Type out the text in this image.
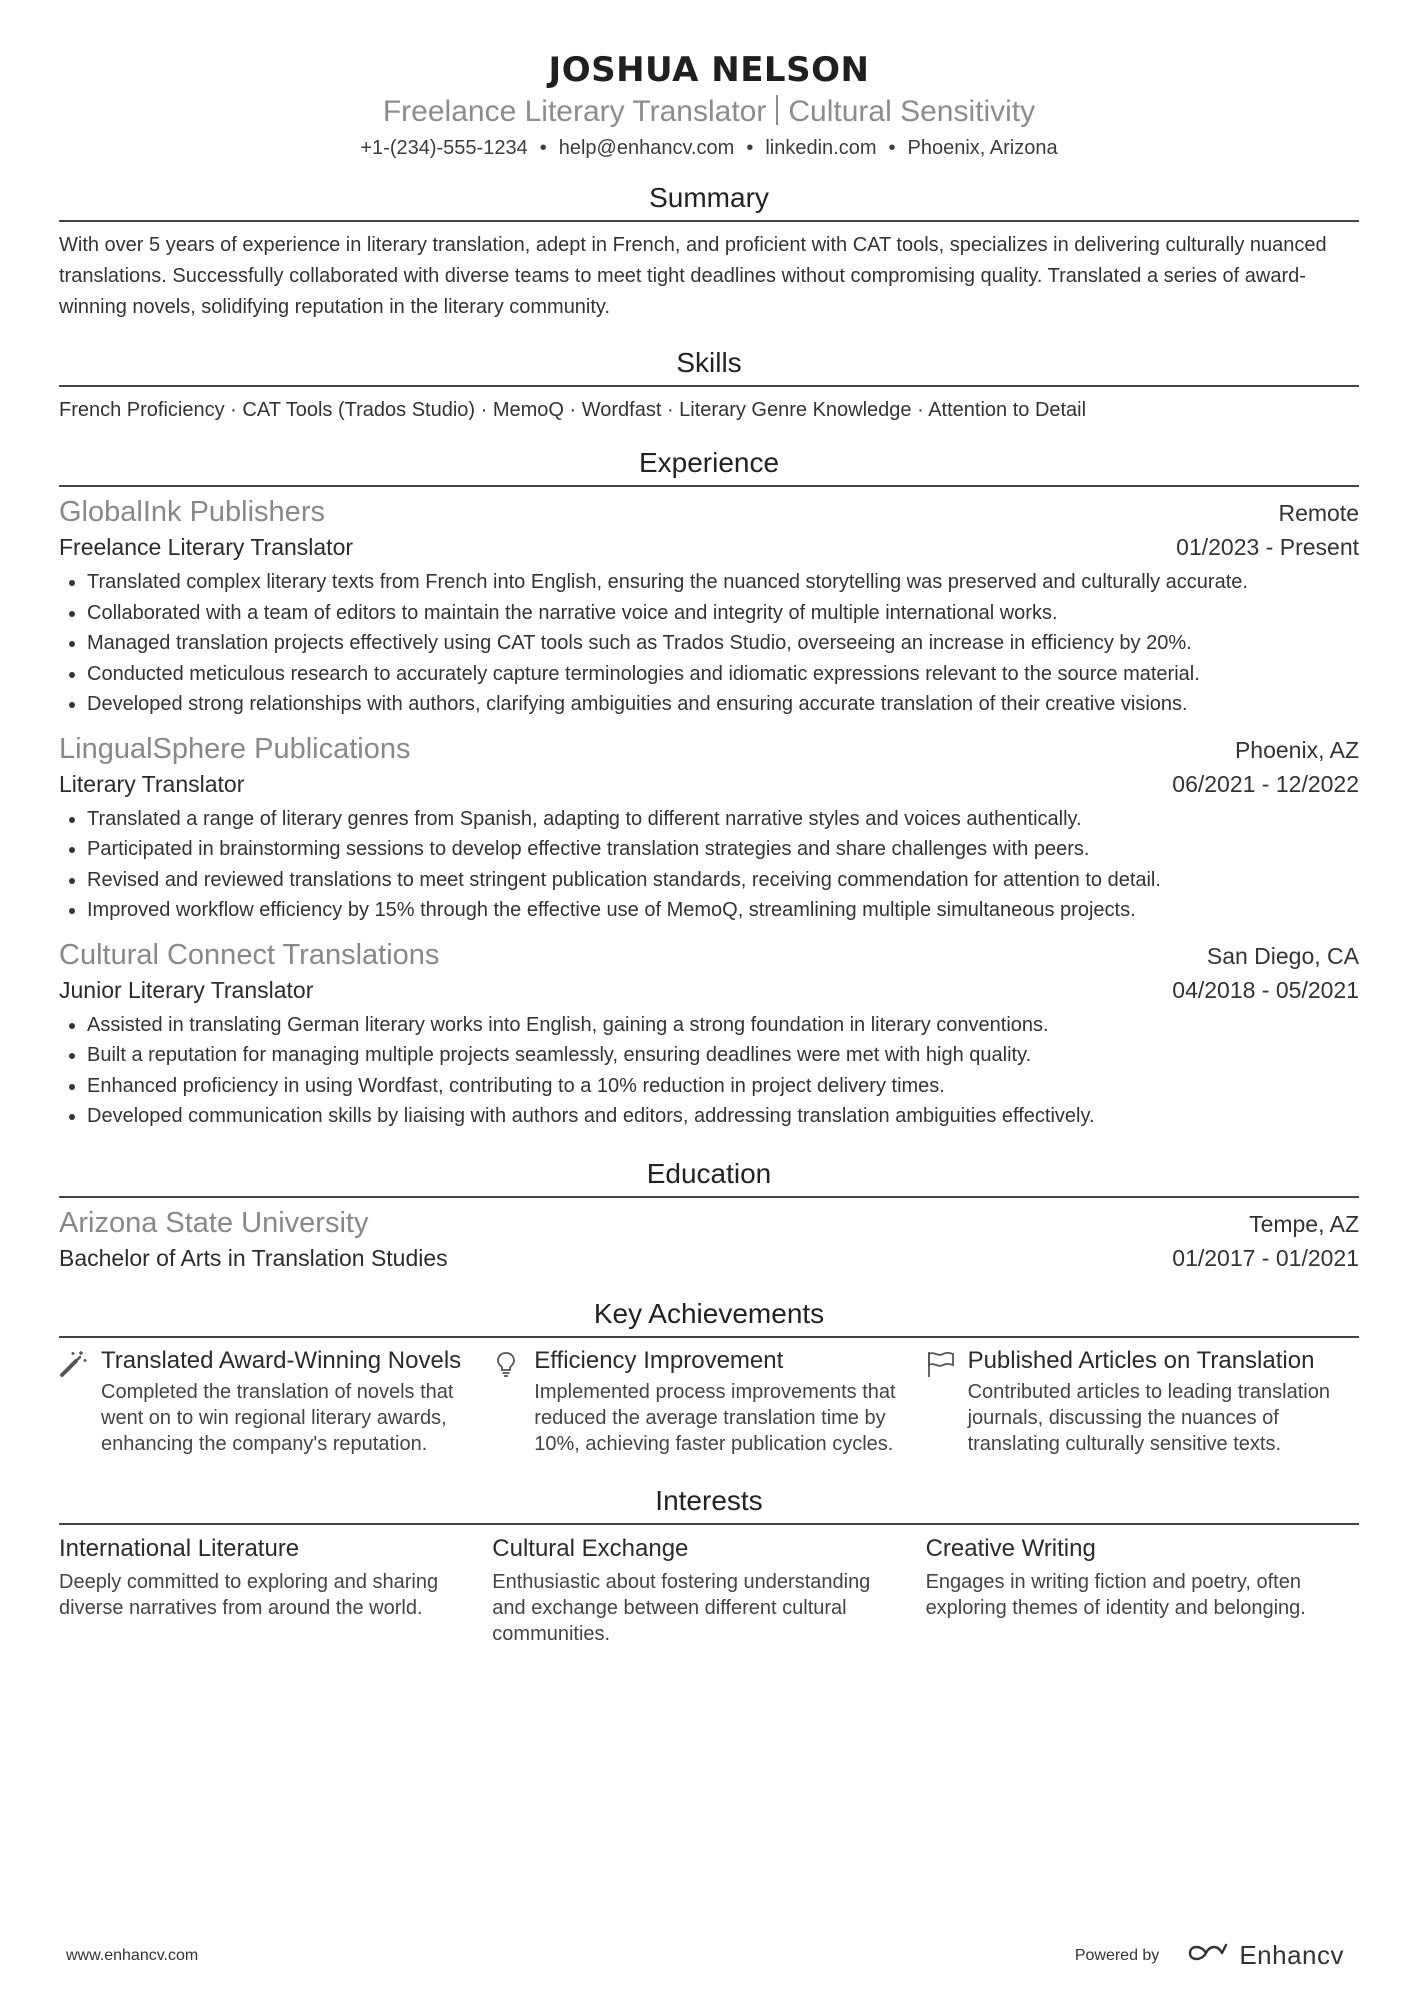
JOSHUA NELSON
Freelance Literary Translator Cultural Sensitivity
+1-(234)-555-1234 • help@enhancv.com • linkedin.com • Phoenix, Arizona
Summary
With over 5 years of experience in literary translation, adept in French, and proficient with CAT tools, specializes in delivering culturally nuanced translations. Successfully collaborated with diverse teams to meet tight deadlines without compromising quality. Translated a series of award-winning novels, solidifying reputation in the literary community.
Skills
French Proficiency · CAT Tools (Trados Studio) · MemoQ · Wordfast · Literary Genre Knowledge · Attention to Detail
Experience
GlobalInk Publishers	Remote
Freelance Literary Translator	01/2023 - Present
• Translated complex literary texts from French into English, ensuring the nuanced storytelling was preserved and culturally accurate.
• Collaborated with a team of editors to maintain the narrative voice and integrity of multiple international works.
• Managed translation projects effectively using CAT tools such as Trados Studio, overseeing an increase in efficiency by 20%.
• Conducted meticulous research to accurately capture terminologies and idiomatic expressions relevant to the source material.
• Developed strong relationships with authors, clarifying ambiguities and ensuring accurate translation of their creative visions.
LingualSphere Publications	Phoenix, AZ
Literary Translator	06/2021 - 12/2022
• Translated a range of literary genres from Spanish, adapting to different narrative styles and voices authentically.
• Participated in brainstorming sessions to develop effective translation strategies and share challenges with peers.
• Revised and reviewed translations to meet stringent publication standards, receiving commendation for attention to detail.
• Improved workflow efficiency by 15% through the effective use of MemoQ, streamlining multiple simultaneous projects.
Cultural Connect Translations	San Diego, CA
Junior Literary Translator	04/2018 - 05/2021
• Assisted in translating German literary works into English, gaining a strong foundation in literary conventions.
• Built a reputation for managing multiple projects seamlessly, ensuring deadlines were met with high quality.
• Enhanced proficiency in using Wordfast, contributing to a 10% reduction in project delivery times.
• Developed communication skills by liaising with authors and editors, addressing translation ambiguities effectively.
Education
Arizona State University	Tempe, AZ
Bachelor of Arts in Translation Studies	01/2017 - 01/2021
Key Achievements
Translated Award-Winning Novels
Completed the translation of novels that went on to win regional literary awards, enhancing the company's reputation.
Efficiency Improvement
Implemented process improvements that reduced the average translation time by 10%, achieving faster publication cycles.
Published Articles on Translation
Contributed articles to leading translation journals, discussing the nuances of translating culturally sensitive texts.
Interests
International Literature
Deeply committed to exploring and sharing diverse narratives from around the world.
Cultural Exchange
Enthusiastic about fostering understanding and exchange between different cultural communities.
Creative Writing
Engages in writing fiction and poetry, often exploring themes of identity and belonging.
www.enhancv.com	Powered by	Enhancv
